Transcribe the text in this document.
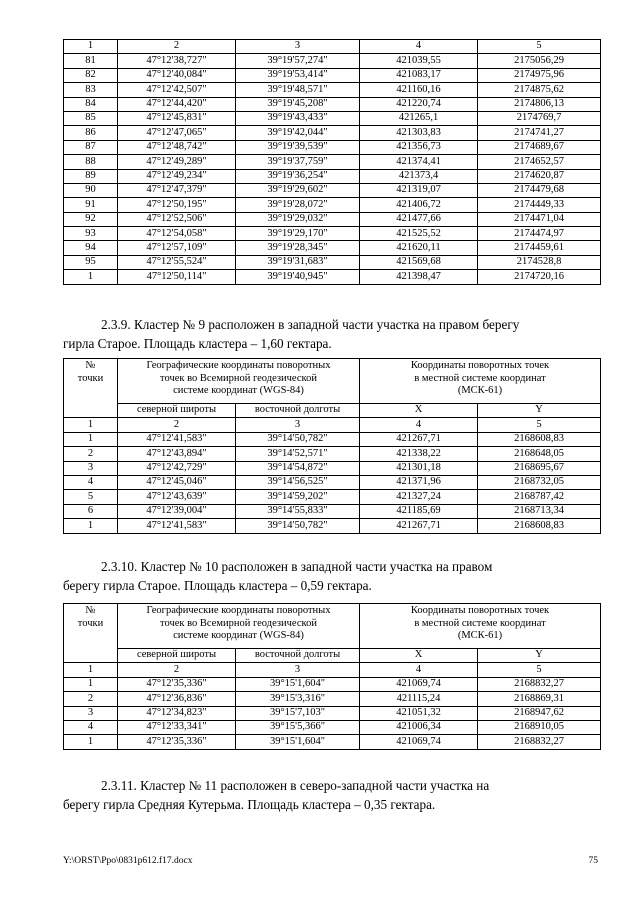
1	2	3	4	5
81	47°12'38,727"	39°19'57,274"	421039,55	2175056,29
82	47°12'40,084"	39°19'53,414"	421083,17	2174975,96
83	47°12'42,507"	39°19'48,571"	421160,16	2174875,62
84	47°12'44,420"	39°19'45,208"	421220,74	2174806,13
85	47°12'45,831"	39°19'43,433"	421265,1	2174769,7
86	47°12'47,065"	39°19'42,044"	421303,83	2174741,27
87	47°12'48,742"	39°19'39,539"	421356,73	2174689,67
88	47°12'49,289"	39°19'37,759"	421374,41	2174652,57
89	47°12'49,234"	39°19'36,254"	421373,4	2174620,87
90	47°12'47,379"	39°19'29,602"	421319,07	2174479,68
91	47°12'50,195"	39°19'28,072"	421406,72	2174449,33
92	47°12'52,506"	39°19'29,032"	421477,66	2174471,04
93	47°12'54,058"	39°19'29,170"	421525,52	2174474,97
94	47°12'57,109"	39°19'28,345"	421620,11	2174459,61
95	47°12'55,524"	39°19'31,683"	421569,68	2174528,8
1	47°12'50,114"	39°19'40,945"	421398,47	2174720,16

2.3.9. Кластер № 9 расположен в западной части участка на правом берегу
гирла Старое. Площадь кластера – 1,60 гектара.

№
точки	Географические координаты поворотных
точек во Всемирной геодезической
системе координат (WGS-84)		Координаты поворотных точек
в местной системе координат
(МСК-61)	
	северной широты	восточной долготы	X	Y
1	2	3	4	5
1	47°12'41,583"	39°14'50,782"	421267,71	2168608,83
2	47°12'43,894"	39°14'52,571"	421338,22	2168648,05
3	47°12'42,729"	39°14'54,872"	421301,18	2168695,67
4	47°12'45,046"	39°14'56,525"	421371,96	2168732,05
5	47°12'43,639"	39°14'59,202"	421327,24	2168787,42
6	47°12'39,004"	39°14'55,833"	421185,69	2168713,34
1	47°12'41,583"	39°14'50,782"	421267,71	2168608,83

2.3.10. Кластер № 10 расположен в западной части участка на правом
берегу гирла Старое. Площадь кластера – 0,59 гектара.

№
точки	Географические координаты поворотных
точек во Всемирной геодезической
системе координат (WGS-84)		Координаты поворотных точек
в местной системе координат
(МСК-61)	
	северной широты	восточной долготы	X	Y
1	2	3	4	5
1	47°12'35,336"	39°15'1,604"	421069,74	2168832,27
2	47°12'36,836"	39°15'3,316"	421115,24	2168869,31
3	47°12'34,823"	39°15'7,103"	421051,32	2168947,62
4	47°12'33,341"	39°15'5,366"	421006,34	2168910,05
1	47°12'35,336"	39°15'1,604"	421069,74	2168832,27

2.3.11. Кластер № 11 расположен в северо-западной части участка на
берегу гирла Средняя Кутерьма. Площадь кластера – 0,35 гектара.

Y:\ORST\Ppo\0831p612.f17.docx	75
